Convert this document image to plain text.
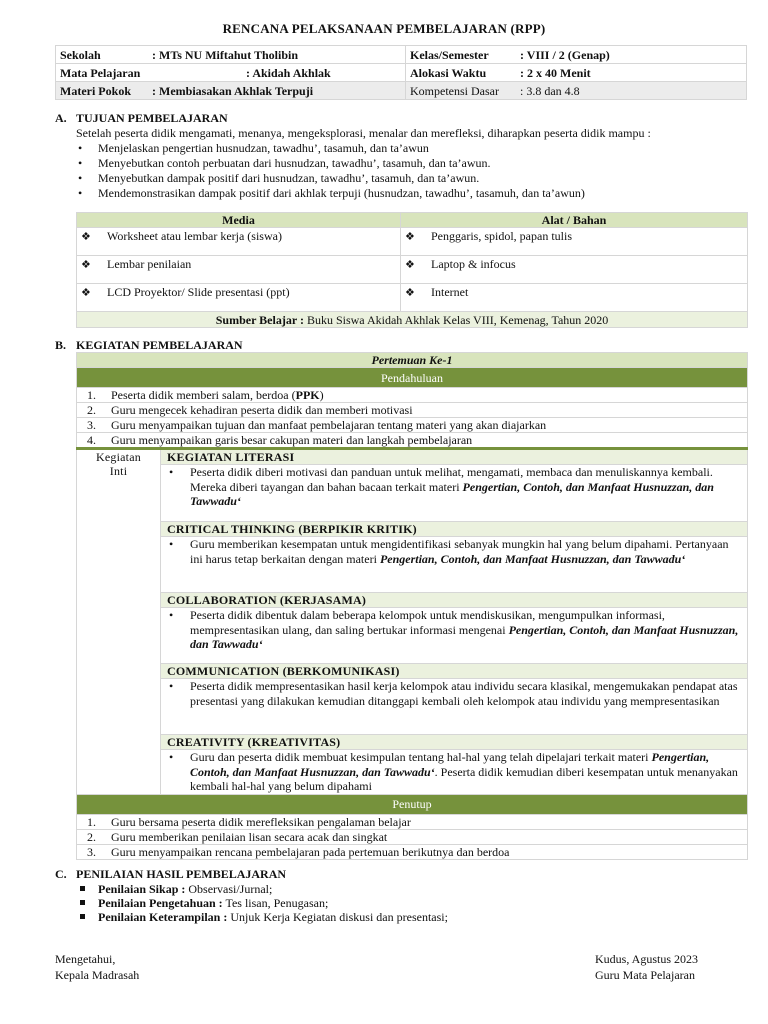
RENCANA PELAKSANAAN PEMBELAJARAN (RPP)
Sekolah : MTs NU Miftahut Tholibin	Kelas/Semester : VIII / 2 (Genap)
Mata Pelajaran : Akidah Akhlak	Alokasi Waktu : 2 x 40 Menit
Materi Pokok : Membiasakan Akhlak Terpuji	Kompetensi Dasar : 3.8 dan 4.8
A. TUJUAN PEMBELAJARAN
Setelah peserta didik mengamati, menanya, mengeksplorasi, menalar dan merefleksi, diharapkan peserta didik mampu :
• Menjelaskan pengertian husnudzan, tawadhu’, tasamuh, dan ta’awun
• Menyebutkan contoh perbuatan dari husnudzan, tawadhu’, tasamuh, dan ta’awun.
• Menyebutkan dampak positif dari husnudzan, tawadhu’, tasamuh, dan ta’awun.
• Mendemonstrasikan dampak positif dari akhlak terpuji (husnudzan, tawadhu’, tasamuh, dan ta’awun)
Media	Alat / Bahan
❖ Worksheet atau lembar kerja (siswa)	❖ Penggaris, spidol, papan tulis
❖ Lembar penilaian	❖ Laptop & infocus
❖ LCD Proyektor/ Slide presentasi (ppt)	❖ Internet
Sumber Belajar : Buku Siswa Akidah Akhlak Kelas VIII, Kemenag, Tahun 2020	
B. KEGIATAN PEMBELAJARAN
Pertemuan Ke-1
Pendahuluan
1. Peserta didik memberi salam, berdoa (PPK)
2. Guru mengecek kehadiran peserta didik dan memberi motivasi
3. Guru menyampaikan tujuan dan manfaat pembelajaran tentang materi yang akan diajarkan
4. Guru menyampaikan garis besar cakupan materi dan langkah pembelajaran

Kegiatan
Inti
	KEGIATAN LITERASI

• Peserta didik diberi motivasi dan panduan untuk melihat, mengamati, membaca dan menuliskannya kembali. Mereka diberi tayangan dan bahan bacaan terkait materi Pengertian, Contoh, dan Manfaat Husnuzzan, dan Tawwadu‘

CRITICAL THINKING (BERPIKIR KRITIK)

• Guru memberikan kesempatan untuk mengidentifikasi sebanyak mungkin hal yang belum dipahami. Pertanyaan ini harus tetap berkaitan dengan materi Pengertian, Contoh, dan Manfaat Husnuzzan, dan Tawwadu‘

COLLABORATION (KERJASAMA)

• Peserta didik dibentuk dalam beberapa kelompok untuk mendiskusikan, mengumpulkan informasi, mempresentasikan ulang, dan saling bertukar informasi mengenai Pengertian, Contoh, dan Manfaat Husnuzzan, dan Tawwadu‘

COMMUNICATION (BERKOMUNIKASI)

• Peserta didik mempresentasikan hasil kerja kelompok atau individu secara klasikal, mengemukakan pendapat atas presentasi yang dilakukan kemudian ditanggapi kembali oleh kelompok atau individu yang mempresentasikan

CREATIVITY (KREATIVITAS)

• Guru dan peserta didik membuat kesimpulan tentang hal-hal yang telah dipelajari terkait materi Pengertian, Contoh, dan Manfaat Husnuzzan, dan Tawwadu‘. Peserta didik kemudian diberi kesempatan untuk menanyakan kembali hal-hal yang belum dipahami

Penutup
1. Guru bersama peserta didik merefleksikan pengalaman belajar
2. Guru memberikan penilaian lisan secara acak dan singkat
3. Guru menyampaikan rencana pembelajaran pada pertemuan berikutnya dan berdoa
C. PENILAIAN HASIL PEMBELAJARAN
Penilaian Sikap : Observasi/Jurnal;
Penilaian Pengetahuan : Tes lisan, Penugasan;
Penilaian Keterampilan : Unjuk Kerja Kegiatan diskusi dan presentasi;
Mengetahui,
Kepala Madrasah
Kudus, Agustus 2023
Guru Mata Pelajaran
